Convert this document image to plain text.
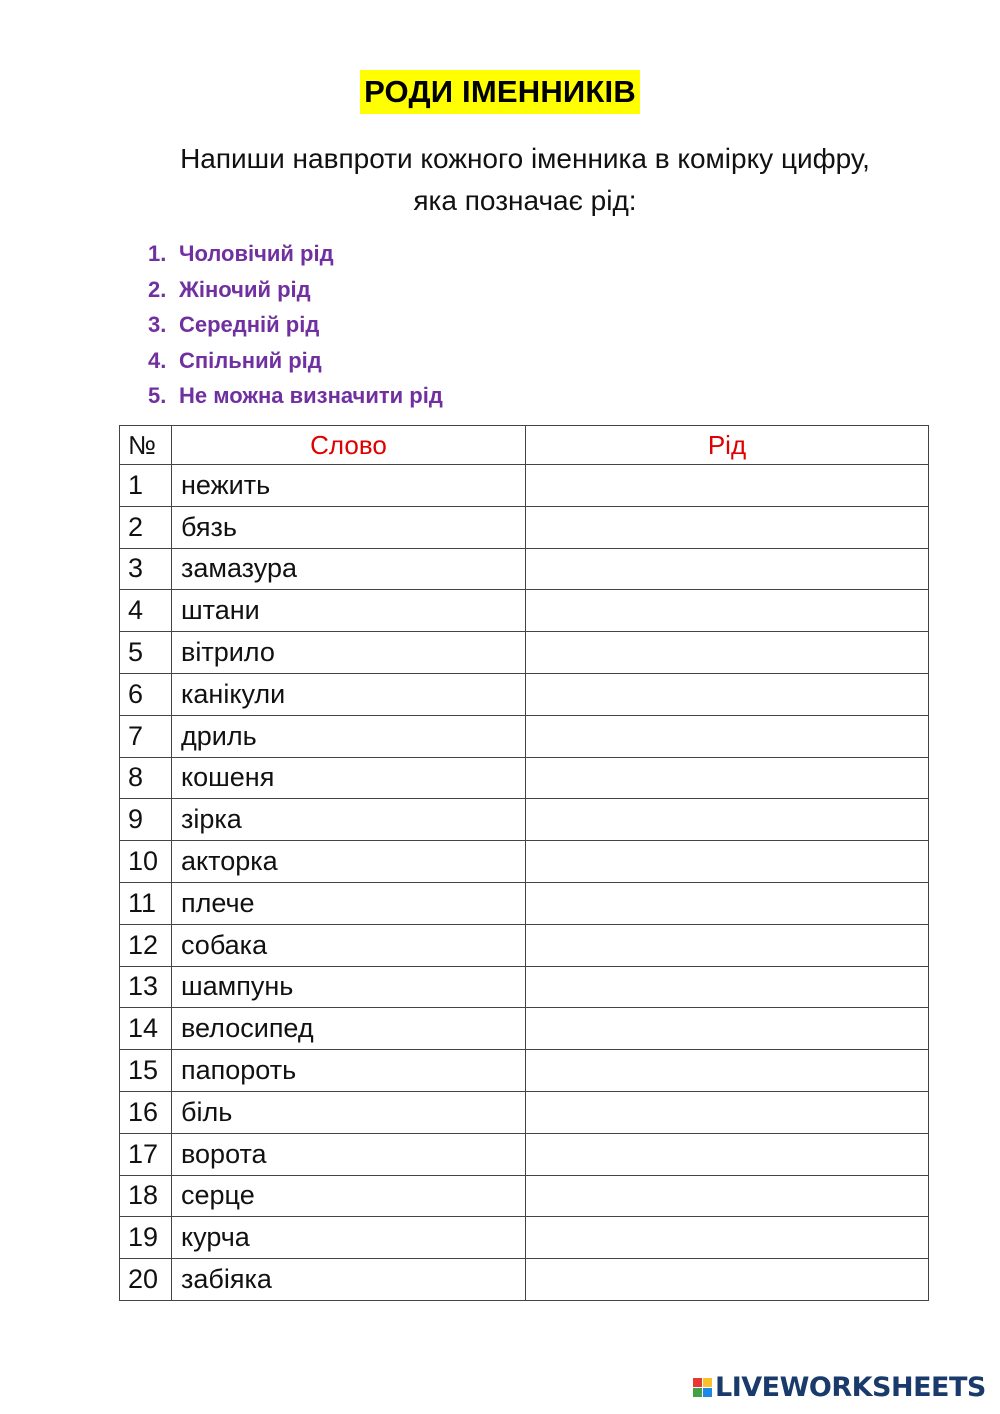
РОДИ ІМЕННИКІВ
Напиши навпроти кожного іменника в комірку цифру,
яка позначає рід:
1. Чоловічий рід
2. Жіночий рід
3. Середній рід
4. Спільний рід
5. Не можна визначити рід
№	Слово	Рід
1	нежить	
2	бязь	
3	замазура	
4	штани	
5	вітрило	
6	канікули	
7	дриль	
8	кошеня	
9	зірка	
10	акторка	
11	плече	
12	собака	
13	шампунь	
14	велосипед	
15	папороть	
16	біль	
17	ворота	
18	серце	
19	курча	
20	забіяка	
LIVEWORKSHEETS
